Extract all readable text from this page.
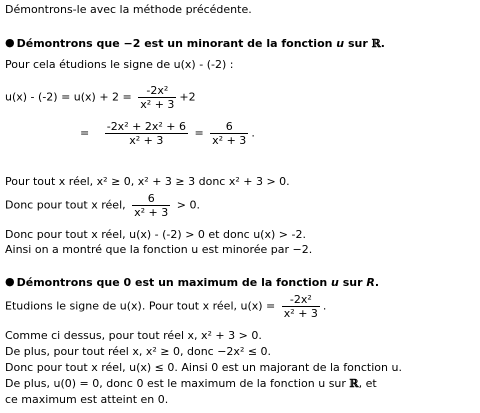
Démontrons-le avec la méthode précédente.
● Démontrons que −2 est un minorant de la fonction u sur ℝ.
Pour cela étudions le signe de u(x) - (-2) :
$u(x) - (-2) = u(x) + 2 = \frac{\text{-2x²}}{\text{x² + 3}} +2$
= $\frac{\text{-2x² + 2x² + 6}}{\text{x² + 3}} = \frac{6}{\text{x² + 3}}$ .
Pour tout x réel, x² ≥ 0, x² + 3 ≥ 3 donc x² + 3 > 0.
Donc pour tout x réel, $\frac{6}{\text{x² + 3}} > 0$.
Donc pour tout x réel, u(x) - (-2) > 0 et donc u(x) > -2.
Ainsi on a montré que la fonction u est minorée par −2.
● Démontrons que 0 est un maximum de la fonction u sur R.
Etudions le signe de u(x). Pour tout x réel, $u(x) = \frac{\text{-2x²}}{\text{x² + 3}}$ .
Comme ci dessus, pour tout réel x, x² + 3 > 0.
De plus, pour tout réel x, x² ≥ 0, donc −2x² ≤ 0.
Donc pour tout x réel, u(x) ≤ 0. Ainsi 0 est un majorant de la fonction u.
De plus, u(0) = 0, donc 0 est le maximum de la fonction u sur ℝ, et
ce maximum est atteint en 0.
